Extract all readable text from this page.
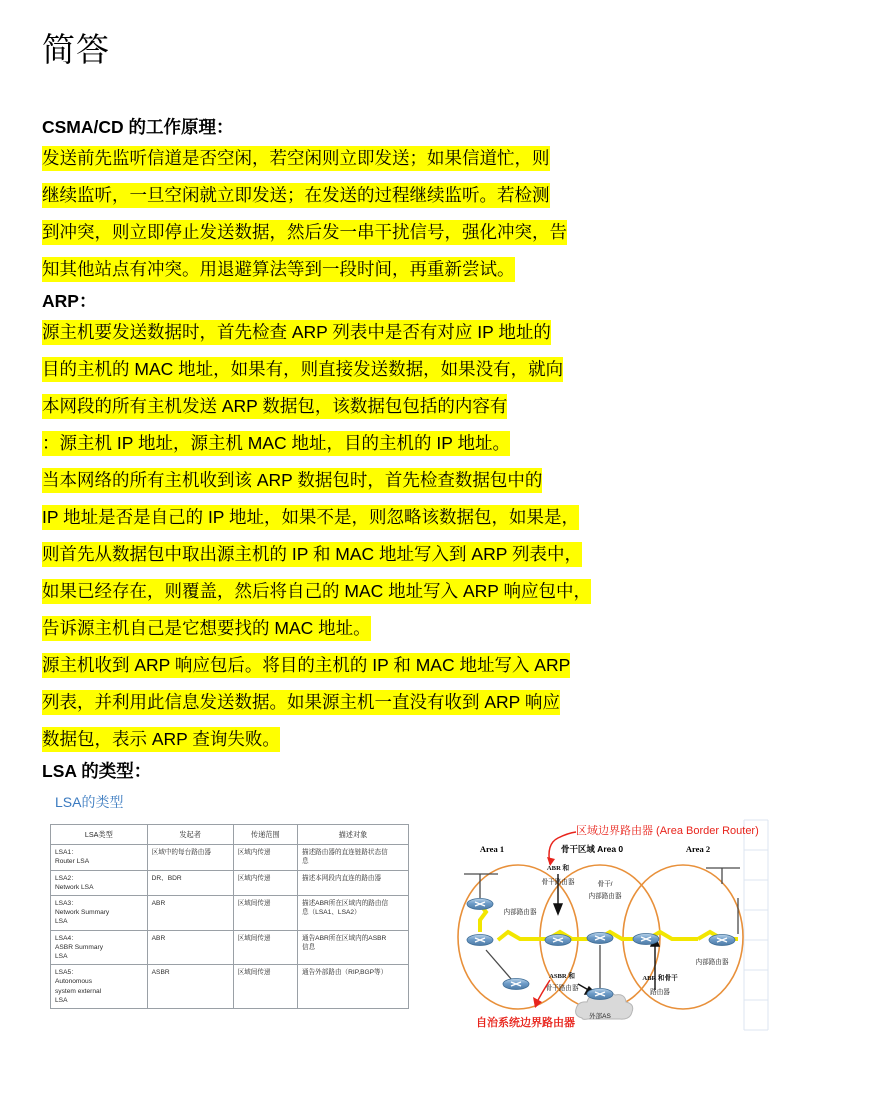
简答

CSMA/CD 的工作原理：

发送前先监听信道是否空闲，若空闲则立即发送；如果信道忙，则
继续监听，一旦空闲就立即发送；在发送的过程继续监听。若检测
到冲突，则立即停止发送数据，然后发一串干扰信号，强化冲突，告
知其他站点有冲突。用退避算法等到一段时间，再重新尝试。

ARP：

源主机要发送数据时，首先检查 ARP 列表中是否有对应 IP 地址的
目的主机的 MAC 地址，如果有，则直接发送数据，如果没有，就向
本网段的所有主机发送 ARP 数据包，该数据包包括的内容有
：源主机 IP 地址，源主机 MAC 地址，目的主机的 IP 地址。
当本网络的所有主机收到该 ARP 数据包时，首先检查数据包中的
IP 地址是否是自己的 IP 地址，如果不是，则忽略该数据包，如果是，
则首先从数据包中取出源主机的 IP 和 MAC 地址写入到 ARP 列表中，
如果已经存在，则覆盖，然后将自己的 MAC 地址写入 ARP 响应包中，
告诉源主机自己是它想要找的 MAC 地址。
源主机收到 ARP 响应包后。将目的主机的 IP 和 MAC 地址写入 ARP
列表，并利用此信息发送数据。如果源主机一直没有收到 ARP 响应
数据包，表示 ARP 查询失败。

LSA 的类型：

LSA的类型
LSA类型	发起者	传递范围	描述对象

LSA1：
Router LSA	区域中的每台路由器	区域内传递	描述路由器的直连链路状态信
息

LSA2：
Network LSA	DR、BDR	区域内传递	描述本网段内直连的路由器

LSA3：
Network Summary
LSA	ABR	区域间传递	描述ABR所在区域内的路由信
息（LSA1、LSA2）

LSA4：
ASBR Summary
LSA	ABR	区域间传递	通告ABR所在区域内的ASBR
信息

LSA5：
Autonomous
system external
LSA	ASBR	区域间传递	通告外部路由（RIP,BGP等）
外部AS
Area 1	骨干区域 Area 0	Area 2
ABR 和
骨干路由器
内部路由器
骨干/
内部路由器
ASBR 和
骨干路由器
ABR 和骨干
路由器
内部路由器
区域边界路由器 (Area Border Router)
自治系统边界路由器
